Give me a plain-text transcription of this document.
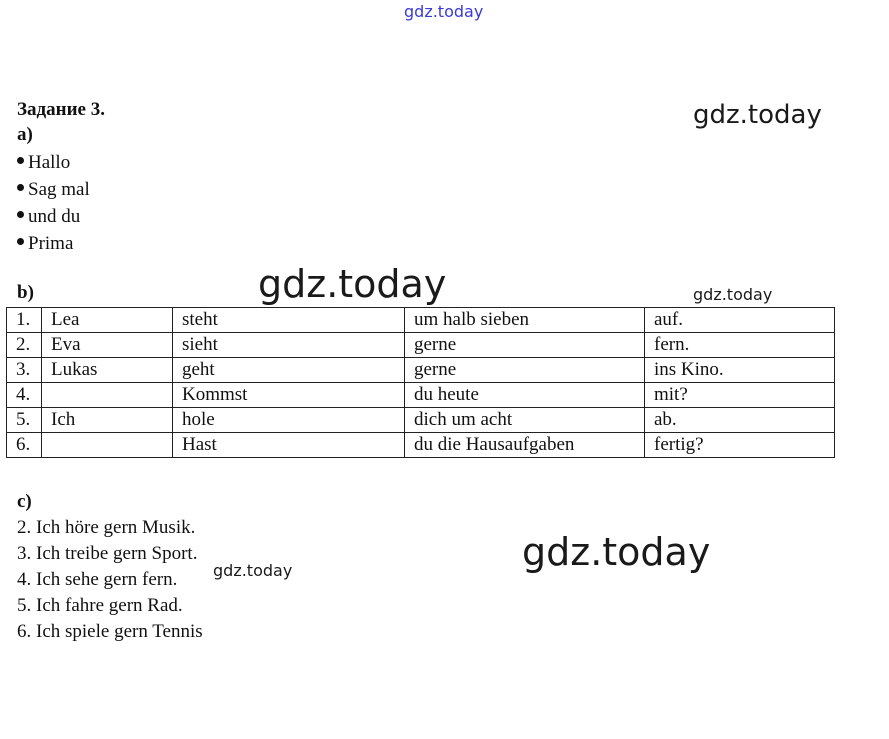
gdz.today
gdz.today
gdz.today	gdz.today
gdz.today
gdz.today
Задание 3.
a)
Hallo
Sag mal
und du
Prima
b)
1.	Lea	steht	um halb sieben	auf.
2.	Eva	sieht	gerne	fern.
3.	Lukas	geht	gerne	ins Kino.
4.		Kommst	du heute	mit?
5.	Ich	hole	dich um acht	ab.
6.		Hast	du die Hausaufgaben	fertig?
c)
2. Ich höre gern Musik.
3. Ich treibe gern Sport.
4. Ich sehe gern fern.
5. Ich fahre gern Rad.
6. Ich spiele gern Tennis
